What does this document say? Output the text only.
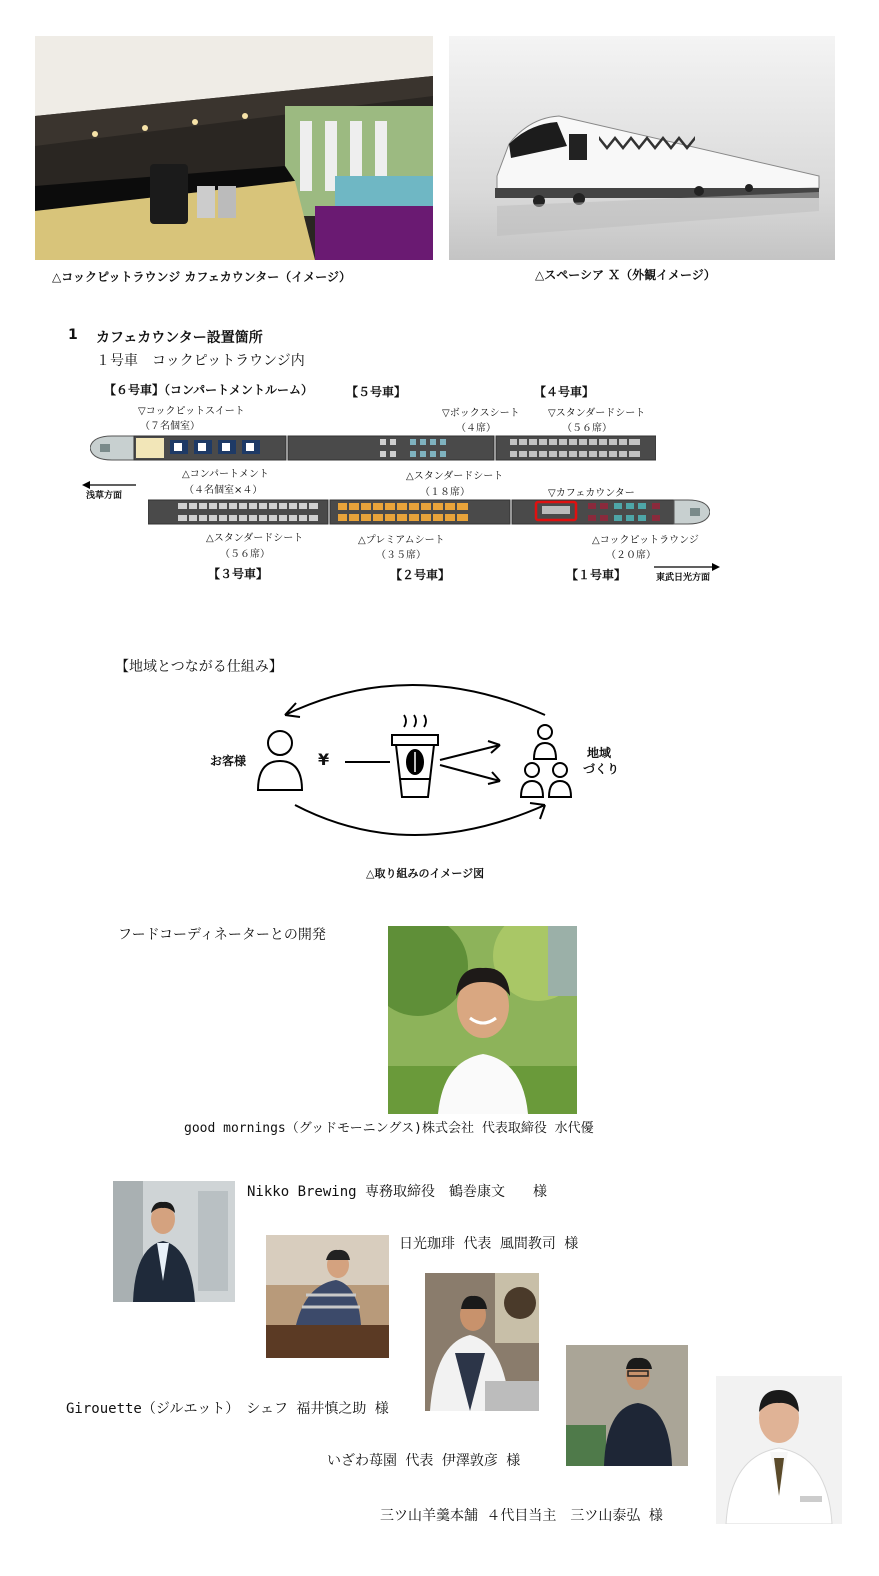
△コックピットラウンジ カフェカウンター（イメージ）	△スペーシア Ｘ（外観イメージ）
1 カフェカウンター設置箇所
１号車　コックピットラウンジ内
【６号車】（コンパートメントルーム）	【５号車】	【４号車】
▽コックピットスイート
（７名個室）
▽ボックスシート
（４席）
▽スタンダードシート
（５６席）
△コンパートメント
（４名個室×４）
△スタンダードシート
（１８席）
浅草方面	▽カフェカウンター
△スタンダードシート
（５６席）
△プレミアムシート
（３５席）
△コックピットラウンジ
（２０席）
【３号車】	【２号車】	【１号車】	東武日光方面
【地域とつながる仕組み】
お客様	¥	地域
づくり
△取り組みのイメージ図
フードコーディネーターとの開発
good mornings（グッドモーニングス)株式会社 代表取締役 水代優
Nikko Brewing 専務取締役　鶴巻康文　　様
日光珈琲 代表 風間教司 様
Girouette（ジルエット）　シェフ 福井慎之助 様
いざわ苺園 代表 伊澤敦彦 様
三ツ山羊羹本舗 ４代目当主　三ツ山泰弘 様
